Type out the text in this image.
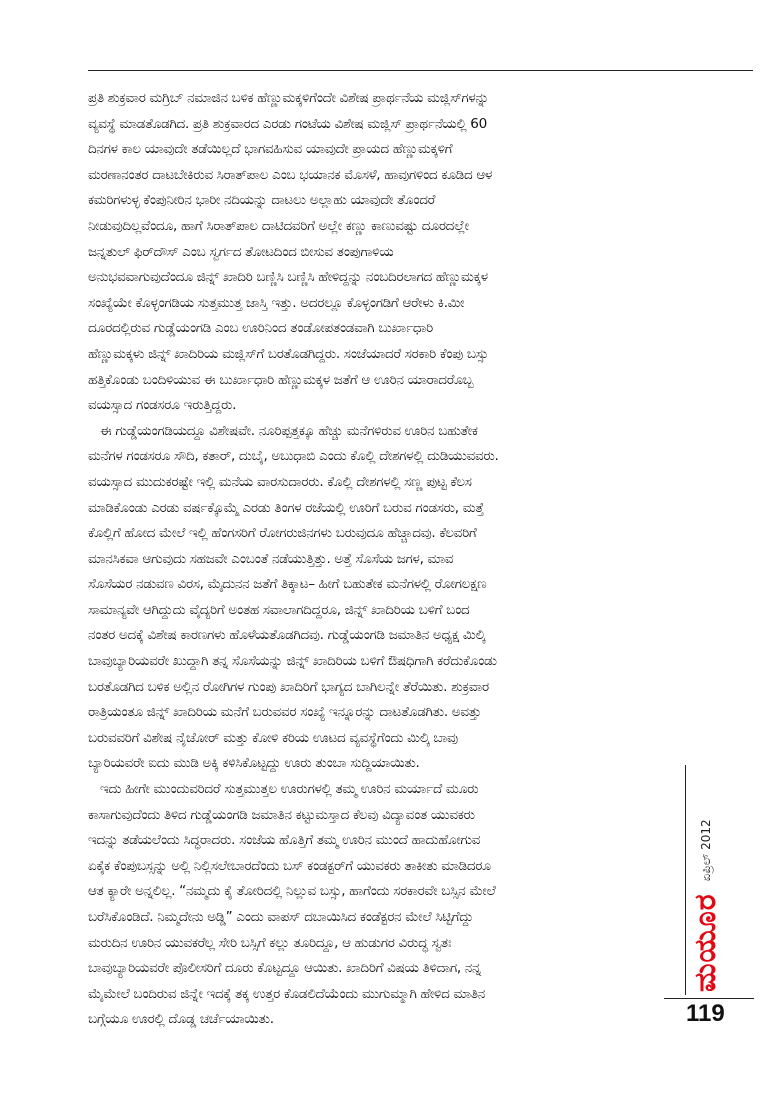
ಪ್ರತಿ ಶುಕ್ರವಾರ ಮಗ್ರಿಬ್ ನಮಾಜಿನ ಬಳಿಕ ಹೆಣ್ಣುಮಕ್ಕಳಿಗೆಂದೇ ವಿಶೇಷ ಪ್ರಾರ್ಥನೆಯ ಮಜ್ಲಿಸ್‌ಗಳನ್ನು
ವ್ಯವಸ್ಥೆ ಮಾಡತೊಡಗಿದ. ಪ್ರತಿ ಶುಕ್ರವಾರದ ಎರಡು ಗಂಟೆಯ ವಿಶೇಷ ಮಜ್ಲಿಸ್ ಪ್ರಾರ್ಥನೆಯಲ್ಲಿ 60
ದಿನಗಳ ಕಾಲ ಯಾವುದೇ ತಡೆಯಿಲ್ಲದೆ ಭಾಗವಹಿಸುವ ಯಾವುದೇ ಪ್ರಾಯದ ಹೆಣ್ಣುಮಕ್ಕಳಿಗೆ
ಮರಣಾನಂತರ ದಾಟಬೇಕಿರುವ ಸಿರಾತ್‌ಪಾಲ ಎಂಬ ಭಯಾನಕ ಮೊಸಳೆ, ಹಾವುಗಳಿಂದ ಕೂಡಿದ ಆಳ
ಕಮರಿಗಳುಳ್ಳ ಕೆಂಪುನೀರಿನ ಭಾರೀ ನದಿಯನ್ನು ದಾಟಲು ಅಲ್ಲಾಹು ಯಾವುದೇ ತೊಂದರೆ
ನೀಡುವುದಿಲ್ಲವೆಂದೂ, ಹಾಗೆ ಸಿರಾತ್‌ಪಾಲ ದಾಟಿದವರಿಗೆ ಅಲ್ಲೇ ಕಣ್ಣು ಕಾಣುವಷ್ಟು ದೂರದಲ್ಲೇ
ಜನ್ನತುಲ್ ಫಿರ್‌ದೌಸ್ ಎಂಬ ಸ್ವರ್ಗದ ತೋಟದಿಂದ ಬೀಸುವ ತಂಪುಗಾಳಿಯ
ಅನುಭವವಾಗುವುದೆಂದೂ ಜಿನ್ನ್ ಖಾದಿರಿ ಬಣ್ಣಿಸಿ ಬಣ್ಣಿಸಿ ಹೇಳಿದ್ದನ್ನು ನಂಬದಿರಲಾಗದ ಹೆಣ್ಣುಮಕ್ಕಳ
ಸಂಖ್ಯೆಯೇ ಕೊಳ್ಳಂಗಡಿಯ ಸುತ್ತಮುತ್ತ ಜಾಸ್ತಿ ಇತ್ತು. ಅದರಲ್ಲೂ ಕೊಳ್ಳಂಗಡಿಗೆ ಆರೇಳು ಕಿ.ಮೀ
ದೂರದಲ್ಲಿರುವ ಗುಡ್ಡೆಯಂಗಡಿ ಎಂಬ ಊರಿನಿಂದ ತಂಡೋಪತಂಡವಾಗಿ ಬುರ್ಖಾಧಾರಿ
ಹೆಣ್ಣುಮಕ್ಕಳು ಜಿನ್ನ್ ಖಾದಿರಿಯ ಮಜ್ಲಿಸ್‌ಗೆ ಬರತೊಡಗಿದ್ದರು. ಸಂಜೆಯಾದರೆ ಸರಕಾರಿ ಕೆಂಪು ಬಸ್ಸು
ಹತ್ತಿಕೊಂಡು ಬಂದಿಳಿಯುವ ಈ ಬುರ್ಖಾಧಾರಿ ಹೆಣ್ಣುಮಕ್ಕಳ ಜತೆಗೆ ಆ ಊರಿನ ಯಾರಾದರೊಬ್ಬ
ವಯಸ್ಸಾದ ಗಂಡಸರೂ ಇರುತ್ತಿದ್ದರು.
ಈ ಗುಡ್ಡೆಯಂಗಡಿಯದ್ದೂ ವಿಶೇಷವೇ. ನೂರಿಪ್ಪತ್ತಕ್ಕೂ ಹೆಚ್ಚು ಮನೆಗಳಿರುವ ಊರಿನ ಬಹುತೇಕ
ಮನೆಗಳ ಗಂಡಸರೂ ಸೌದಿ, ಕತಾರ್, ದುಬೈ, ಅಬುಧಾಬಿ ಎಂದು ಕೊಲ್ಲಿ ದೇಶಗಳಲ್ಲಿ ದುಡಿಯುವವರು.
ವಯಸ್ಸಾದ ಮುದುಕರಷ್ಟೇ ಇಲ್ಲಿ ಮನೆಯ ವಾರಸುದಾರರು. ಕೊಲ್ಲಿ ದೇಶಗಳಲ್ಲಿ ಸಣ್ಣ ಪುಟ್ಟ ಕೆಲಸ
ಮಾಡಿಕೊಂಡು ಎರಡು ವರ್ಷಕ್ಕೊಮ್ಮೆ ಎರಡು ತಿಂಗಳ ರಜೆಯಲ್ಲಿ ಊರಿಗೆ ಬರುವ ಗಂಡಸರು, ಮತ್ತೆ
ಕೊಲ್ಲಿಗೆ ಹೋದ ಮೇಲೆ ಇಲ್ಲಿ ಹೆಂಗಸರಿಗೆ ರೋಗರುಜಿನಗಳು ಬರುವುದೂ ಹೆಚ್ಚಾದವು. ಕೆಲವರಿಗೆ
ಮಾನಸಿಕವಾ ಆಗುವುದು ಸಹಜವೇ ಎಂಬಂತೆ ನಡೆಯುತ್ತಿತ್ತು. ಅತ್ತೆ ಸೊಸೆಯ ಜಗಳ, ಮಾವ
ಸೊಸೆಯರ ನಡುವಣ ವಿರಸ, ಮೈದುನನ ಜತೆಗೆ ತಿಕ್ಕಾಟ– ಹೀಗೆ ಬಹುತೇಕ ಮನೆಗಳಲ್ಲಿ ರೋಗಲಕ್ಷಣ
ಸಾಮಾನ್ಯವೇ ಆಗಿದ್ದುದು ವೈದ್ಯರಿಗೆ ಅಂತಹ ಸವಾಲಾಗದಿದ್ದರೂ, ಜಿನ್ನ್ ಖಾದಿರಿಯ ಬಳಿಗೆ ಬಂದ
ನಂತರ ಅದಕ್ಕೆ ವಿಶೇಷ ಕಾರಣಗಳು ಹೊಳೆಯತೊಡಗಿದವು. ಗುಡ್ಡೆಯಂಗಡಿ ಜಮಾತಿನ ಅಧ್ಯಕ್ಷ ಮಿಲ್ಕಿ
ಬಾವುಬ್ಯಾರಿಯವರೇ ಖುದ್ದಾಗಿ ತನ್ನ ಸೊಸೆಯನ್ನು ಜಿನ್ನ್ ಖಾದಿರಿಯ ಬಳಿಗೆ ಔಷಧಿಗಾಗಿ ಕರೆದುಕೊಂಡು
ಬರತೊಡಗಿದ ಬಳಿಕ ಅಲ್ಲಿನ ರೋಗಿಗಳ ಗುಂಪು ಖಾದಿರಿಗೆ ಭಾಗ್ಯದ ಬಾಗಿಲನ್ನೇ ತೆರೆಯಿತು. ಶುಕ್ರವಾರ
ರಾತ್ರಿಯಂತೂ ಜಿನ್ನ್ ಖಾದಿರಿಯ ಮನೆಗೆ ಬರುವವರ ಸಂಖ್ಯೆ ಇನ್ನೂರನ್ನು ದಾಟತೊಡಗಿತು. ಅವತ್ತು
ಬರುವವರಿಗೆ ವಿಶೇಷ ನೈಚೋರ್ ಮತ್ತು ಕೋಳಿ ಕರಿಯ ಊಟದ ವ್ಯವಸ್ಥೆಗೆಂದು ಮಿಲ್ಕಿ ಬಾವು
ಬ್ಯಾರಿಯವರೇ ಐದು ಮುಡಿ ಅಕ್ಕಿ ಕಳಿಸಿಕೊಟ್ಟದ್ದು ಊರು ತುಂಬಾ ಸುದ್ದಿಯಾಯಿತು.
ಇದು ಹೀಗೇ ಮುಂದುವರಿದರೆ ಸುತ್ತಮುತ್ತಲ ಊರುಗಳಲ್ಲಿ ತಮ್ಮ ಊರಿನ ಮರ್ಯಾದೆ ಮೂರು
ಕಾಸಾಗುವುದೆಂದು ತಿಳಿದ ಗುಡ್ಡೆಯಂಗಡಿ ಜಮಾತಿನ ಕಟ್ಟುಮಸ್ತಾದ ಕೆಲವು ವಿದ್ಯಾವಂತ ಯುವಕರು
ಇದನ್ನು ತಡೆಯಲೆಂದು ಸಿದ್ಧರಾದರು. ಸಂಜೆಯ ಹೊತ್ತಿಗೆ ತಮ್ಮ ಊರಿನ ಮುಂದೆ ಹಾದುಹೋಗುವ
ಏಕೈಕ ಕೆಂಪುಬಸ್ಸನ್ನು ಅಲ್ಲಿ ನಿಲ್ಲಿಸಲೇಬಾರದೆಂದು ಬಸ್ ಕಂಡಕ್ಟರ್‌ಗೆ ಯುವಕರು ತಾಕೀತು ಮಾಡಿದರೂ
ಆತ ಕ್ಯಾರೇ ಅನ್ನಲಿಲ್ಲ. “ನಮ್ಮದು ಕೈ ತೋರಿದಲ್ಲಿ ನಿಲ್ಲುವ ಬಸ್ಸು, ಹಾಗೆಂದು ಸರಕಾರವೇ ಬಸ್ಸಿನ ಮೇಲೆ
ಬರೆಸಿಕೊಂಡಿದೆ. ನಿಮ್ಮದೇನು ಅಡ್ಡಿ” ಎಂದು ವಾಪಸ್ ದಬಾಯಿಸಿದ ಕಂಡೆಕ್ಟರನ ಮೇಲೆ ಸಿಟ್ಟಿಗೆದ್ದು
ಮರುದಿನ ಊರಿನ ಯುವಕರೆಲ್ಲ ಸೇರಿ ಬಸ್ಸಿಗೆ ಕಲ್ಲು ತೂರಿದ್ದೂ, ಆ ಹುಡುಗರ ವಿರುದ್ಧ ಸ್ವತಃ
ಬಾವುಬ್ಯಾರಿಯವರೇ ಪೊಲೀಸರಿಗೆ ದೂರು ಕೊಟ್ಟದ್ದೂ ಆಯಿತು. ಖಾದಿರಿಗೆ ವಿಷಯ ತಿಳಿದಾಗ, ನನ್ನ
ಮೈಮೇಲೆ ಬಂದಿರುವ ಜಿನ್ನೇ ಇದಕ್ಕೆ ತಕ್ಕ ಉತ್ತರ ಕೊಡಲಿದೆಯೆಂದು ಮುಗುಮ್ಮಾಗಿ ಹೇಳಿದ ಮಾತಿನ
ಬಗ್ಗೆಯೂ ಊರಲ್ಲಿ ದೊಡ್ಡ ಚರ್ಚೆಯಾಯಿತು.
ಮಯೂರ
ಏಪ್ರಿಲ್ 2012
119
